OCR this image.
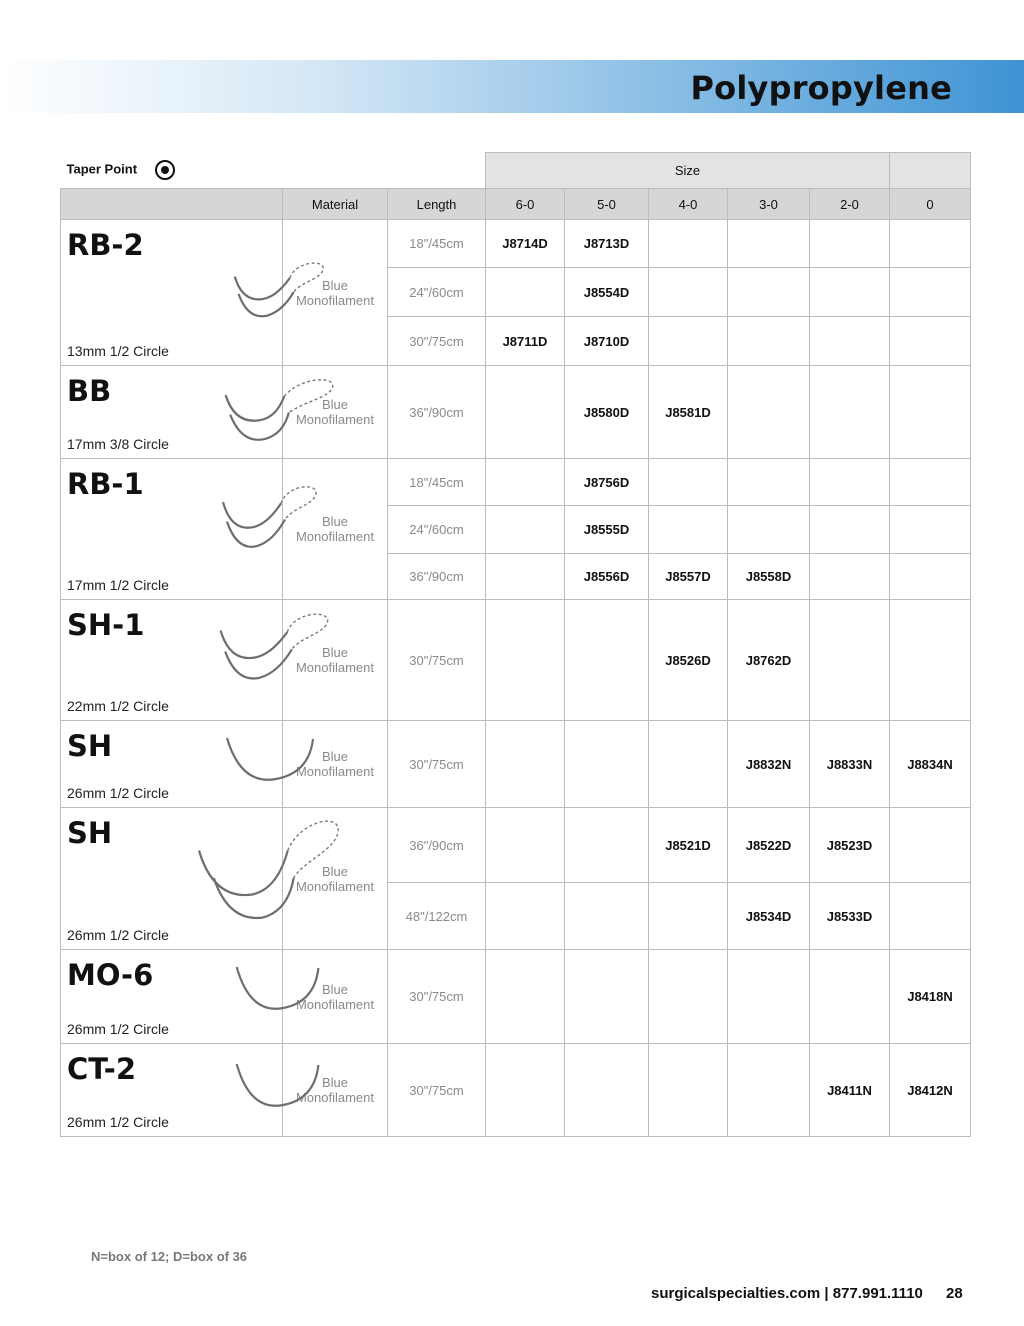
Polypropylene
Taper Point			Size					
	Material	Length	6-0	5-0	4-0	3-0	2-0	0

RB-2
13mm 1/2 Circle	Blue Monofilament	18"/45cm	J8714D	J8713D				
		24"/60cm		J8554D				
		30"/75cm	J8711D	J8710D				

BB
17mm 3/8 Circle	Blue Monofilament	36"/90cm		J8580D	J8581D			

RB-1
17mm 1/2 Circle	Blue Monofilament	18"/45cm		J8756D				
		24"/60cm		J8555D				
		36"/90cm		J8556D	J8557D	J8558D		

SH-1
22mm 1/2 Circle	Blue Monofilament	30"/75cm			J8526D	J8762D		

SH
26mm 1/2 Circle	Blue Monofilament	30"/75cm				J8832N	J8833N	J8834N

SH
26mm 1/2 Circle	Blue Monofilament	36"/90cm			J8521D	J8522D	J8523D	
		48"/122cm				J8534D	J8533D	

MO-6
26mm 1/2 Circle	Blue Monofilament	30"/75cm						J8418N

CT-2
26mm 1/2 Circle	Blue Monofilament	30"/75cm					J8411N	J8412N
N=box of 12; D=box of 36
surgicalspecialties.com | 877.991.1110 28
